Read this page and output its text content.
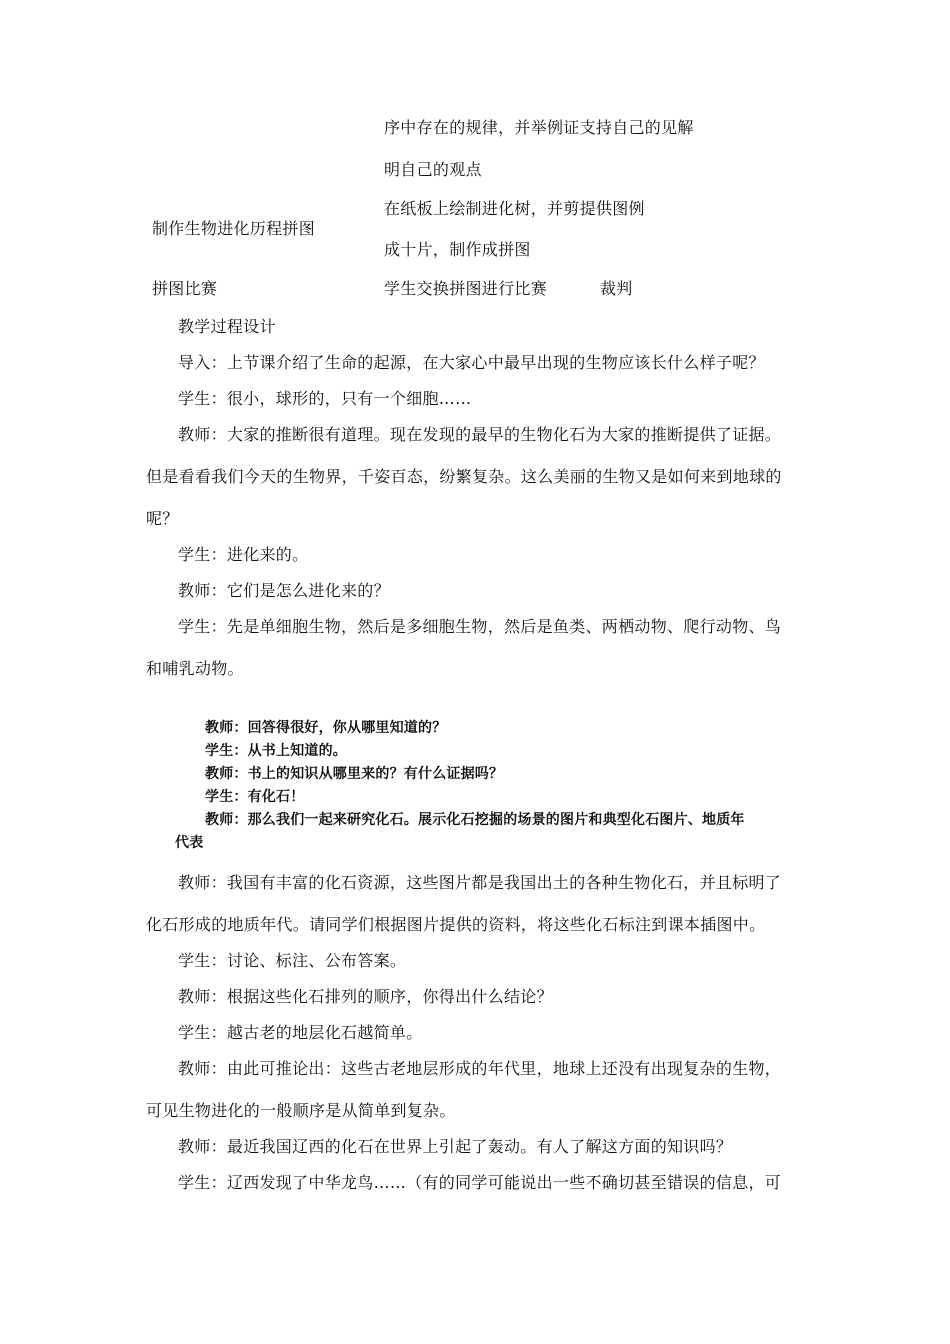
序中存在的规律，并举例证支持自己的见解
明自己的观点
在纸板上绘制进化树，并剪提供图例
制作生物进化历程拼图
成十片，制作成拼图
拼图比赛	学生交换拼图进行比赛	裁判
教学过程设计
导入：上节课介绍了生命的起源，在大家心中最早出现的生物应该长什么样子呢？
学生：很小，球形的，只有一个细胞……
教师：大家的推断很有道理。现在发现的最早的生物化石为大家的推断提供了证据。
但是看看我们今天的生物界，千姿百态，纷繁复杂。这么美丽的生物又是如何来到地球的
呢？
学生：进化来的。
教师：它们是怎么进化来的？
学生：先是单细胞生物，然后是多细胞生物，然后是鱼类、两栖动物、爬行动物、鸟
和哺乳动物。
教师：回答得很好，你从哪里知道的？
学生：从书上知道的。
教师：书上的知识从哪里来的？有什么证据吗？
学生：有化石！
教师：那么我们一起来研究化石。展示化石挖掘的场景的图片和典型化石图片、地质年
代表
教师：我国有丰富的化石资源，这些图片都是我国出土的各种生物化石，并且标明了
化石形成的地质年代。请同学们根据图片提供的资料，将这些化石标注到课本插图中。
学生：讨论、标注、公布答案。
教师：根据这些化石排列的顺序，你得出什么结论？
学生：越古老的地层化石越简单。
教师：由此可推论出：这些古老地层形成的年代里，地球上还没有出现复杂的生物，
可见生物进化的一般顺序是从简单到复杂。
教师：最近我国辽西的化石在世界上引起了轰动。有人了解这方面的知识吗？
学生：辽西发现了中华龙鸟……（有的同学可能说出一些不确切甚至错误的信息，可
